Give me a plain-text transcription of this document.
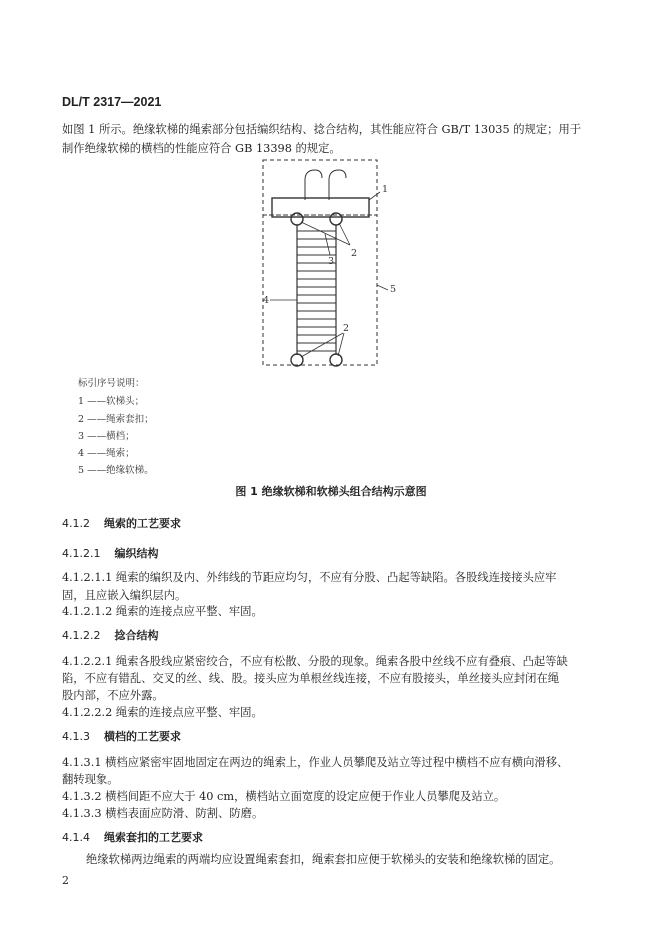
DL/T 2317—2021
如图 1 所示。绝缘软梯的绳索部分包括编织结构、捻合结构，其性能应符合 GB/T 13035 的规定；用于
制作绝缘软梯的横档的性能应符合 GB 13398 的规定。
1
2
3
4
5
2
标引序号说明：
1 ——软梯头；
2 ——绳索套扣；
3 ——横档；
4 ——绳索；
5 ——绝缘软梯。
图 1 绝缘软梯和软梯头组合结构示意图
4.1.2 绳索的工艺要求
4.1.2.1 编织结构
4.1.2.1.1 绳索的编织及内、外纬线的节距应均匀，不应有分股、凸起等缺陷。各股线连接接头应牢
固，且应嵌入编织层内。
4.1.2.1.2 绳索的连接点应平整、牢固。
4.1.2.2 捻合结构
4.1.2.2.1 绳索各股线应紧密绞合，不应有松散、分股的现象。绳索各股中丝线不应有叠痕、凸起等缺
陷，不应有错乱、交叉的丝、线、股。接头应为单根丝线连接，不应有股接头，单丝接头应封闭在绳
股内部，不应外露。
4.1.2.2.2 绳索的连接点应平整、牢固。
4.1.3 横档的工艺要求
4.1.3.1 横档应紧密牢固地固定在两边的绳索上，作业人员攀爬及站立等过程中横档不应有横向滑移、
翻转现象。
4.1.3.2 横档间距不应大于 40 cm，横档站立面宽度的设定应便于作业人员攀爬及站立。
4.1.3.3 横档表面应防滑、防割、防磨。
4.1.4 绳索套扣的工艺要求
绝缘软梯两边绳索的两端均应设置绳索套扣，绳索套扣应便于软梯头的安装和绝缘软梯的固定。
2
